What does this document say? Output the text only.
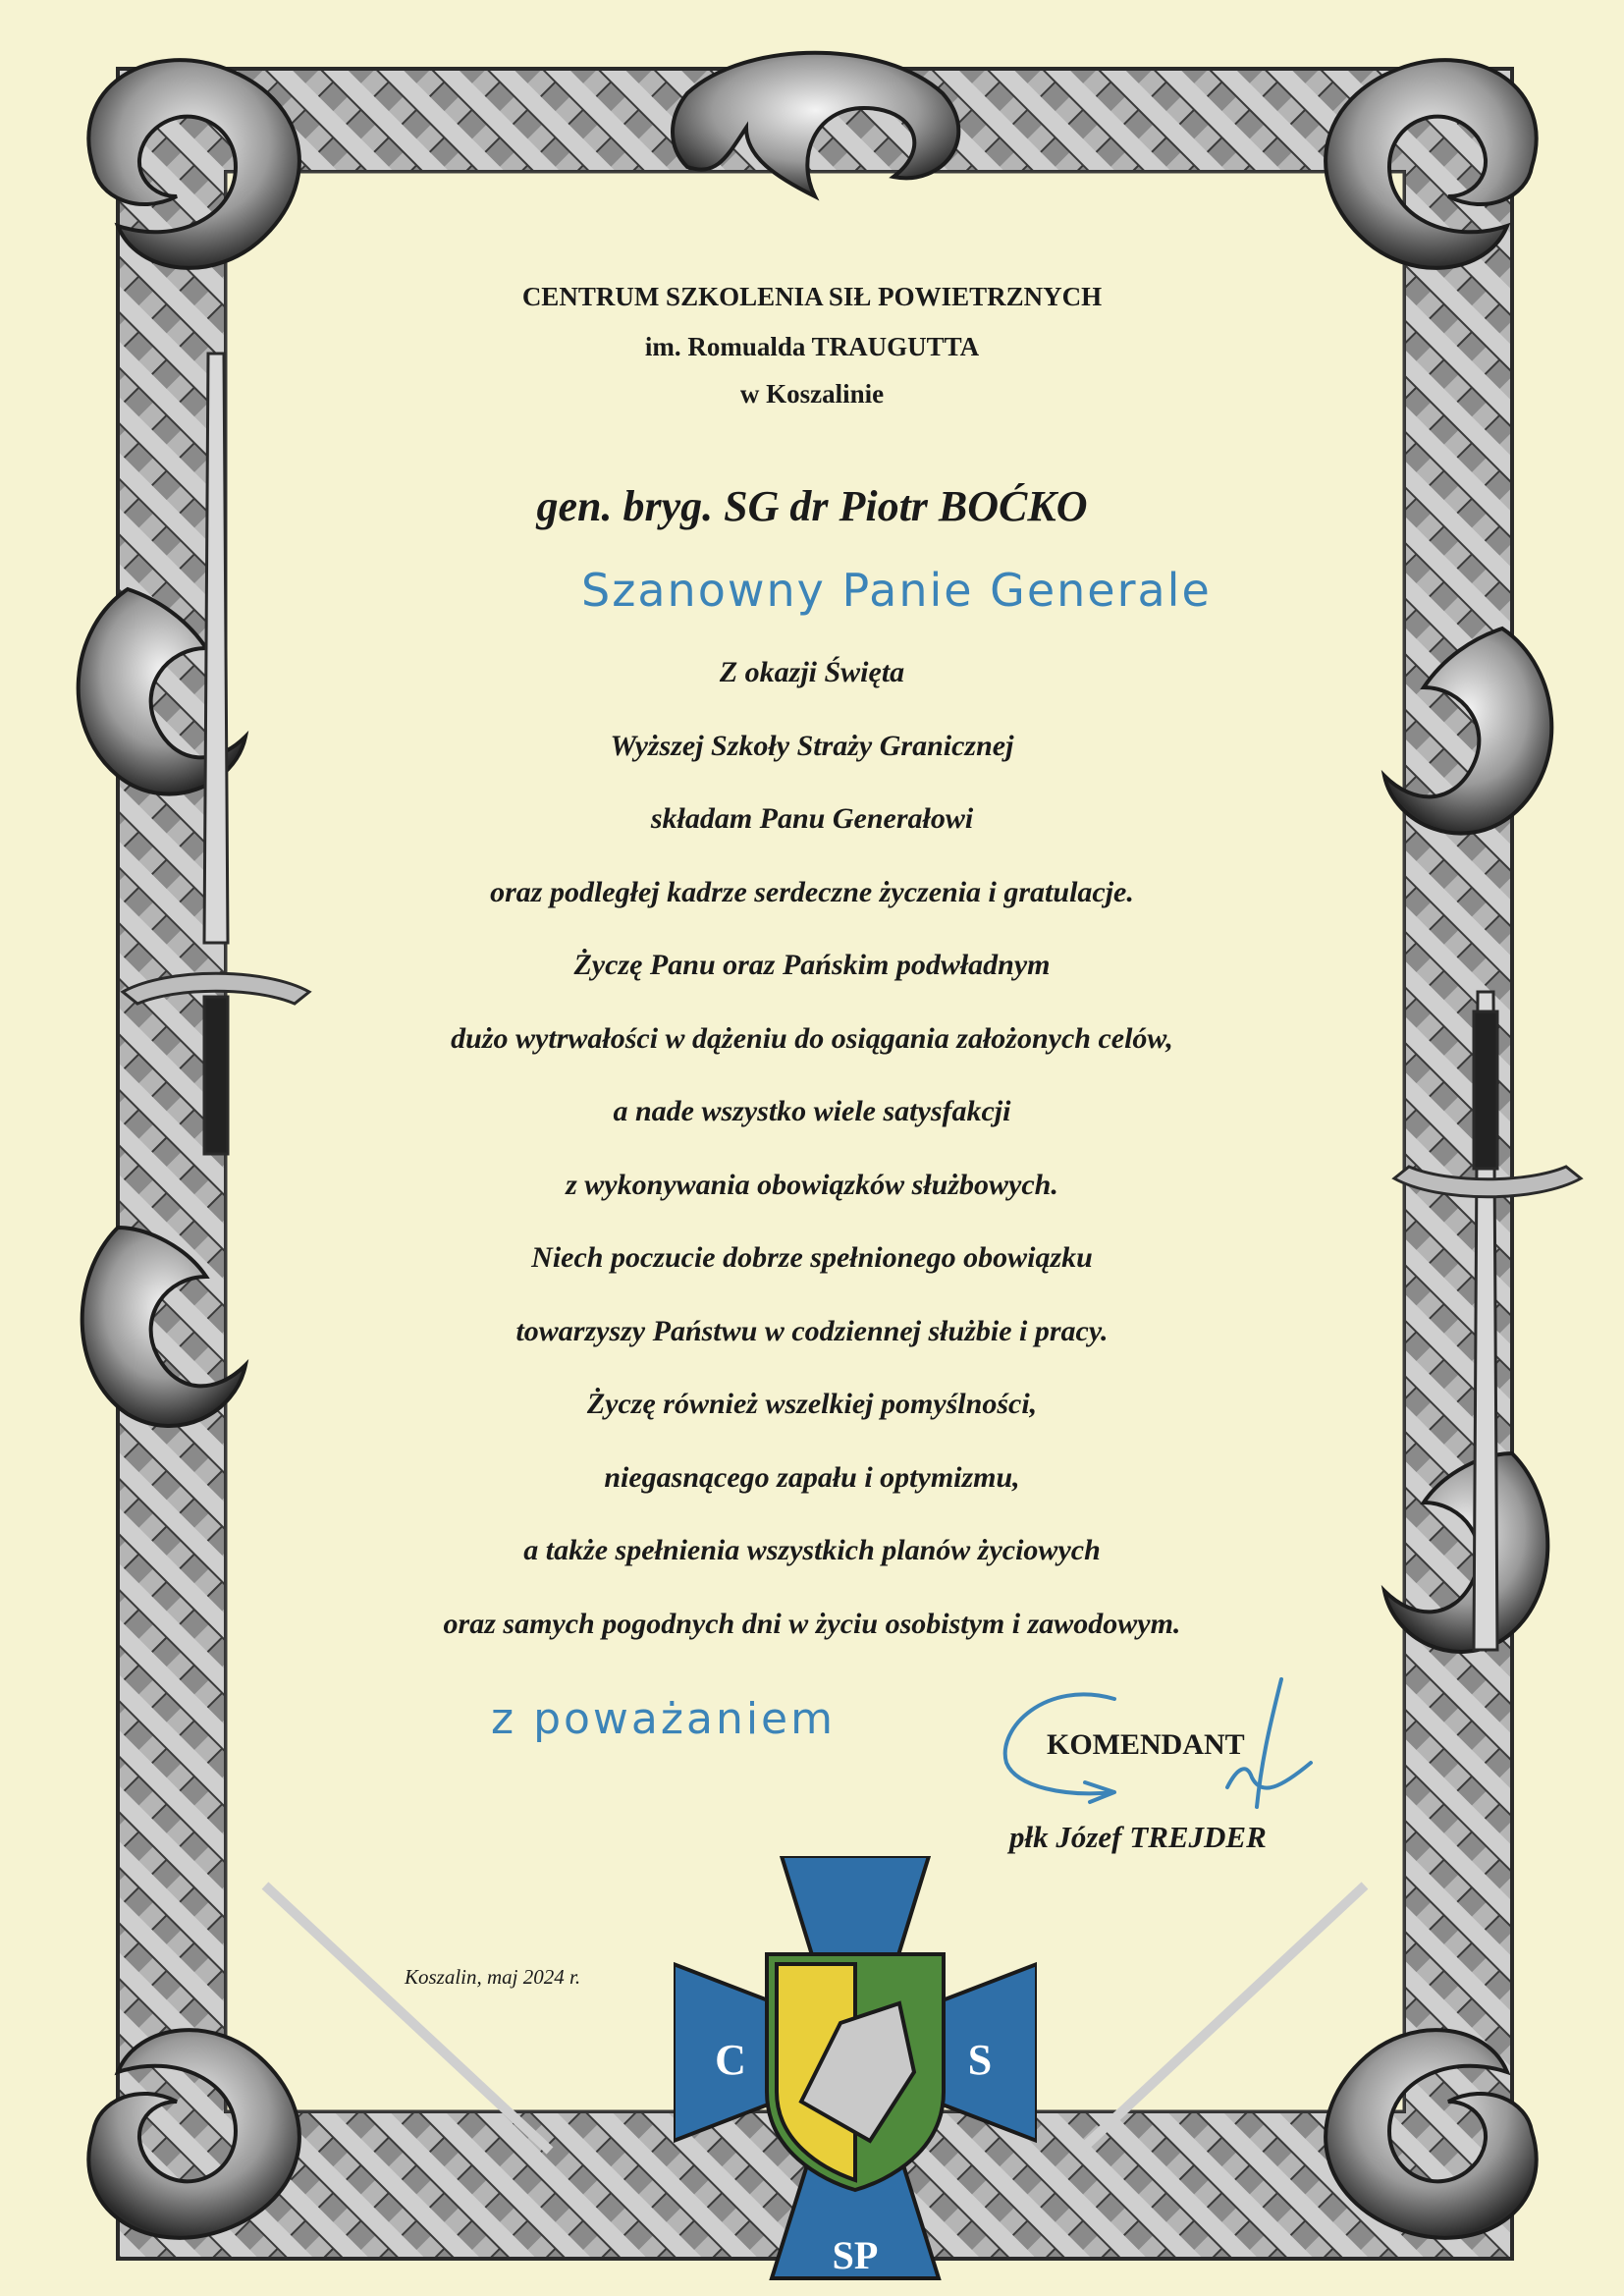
CENTRUM SZKOLENIA SIŁ POWIETRZNYCH
im. Romualda TRAUGUTTA
w Koszalinie
gen. bryg. SG dr Piotr BOĆKO
Szanowny Panie Generale
Z okazji Święta
Wyższej Szkoły Straży Granicznej
składam Panu Generałowi
oraz podległej kadrze serdeczne życzenia i gratulacje.
Życzę Panu oraz Pańskim podwładnym
dużo wytrwałości w dążeniu do osiągania założonych celów,
a nade wszystko wiele satysfakcji
z wykonywania obowiązków służbowych.
Niech poczucie dobrze spełnionego obowiązku
towarzyszy Państwu w codziennej służbie i pracy.
Życzę również wszelkiej pomyślności,
niegasnącego zapału i optymizmu,
a także spełnienia wszystkich planów życiowych
oraz samych pogodnych dni w życiu osobistym i zawodowym.
z poważaniem
KOMENDANT
płk Józef TREJDER
Koszalin, maj 2024 r.
C	S
SP
